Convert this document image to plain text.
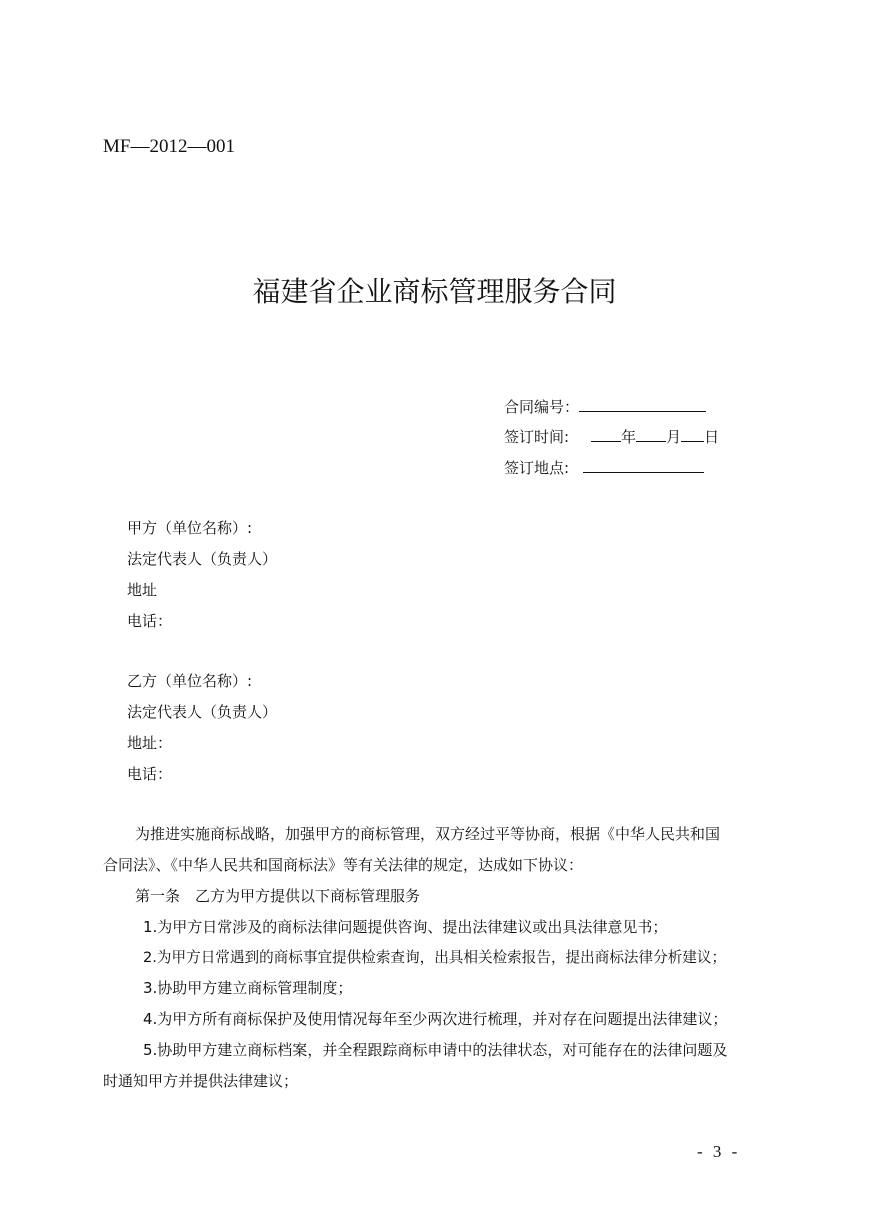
MF—2012—001
福建省企业商标管理服务合同
合同编号：
签订时间:	年 月 日
签订地点:
甲方（单位名称）:
法定代表人（负责人）
地址
电话：
乙方（单位名称）:
法定代表人（负责人）
地址：
电话：
为推进实施商标战略，加强甲方的商标管理，双方经过平等协商，根据《中华人民共和国
合同法》、《中华人民共和国商标法》等有关法律的规定，达成如下协议：
第一条　乙方为甲方提供以下商标管理服务
1.为甲方日常涉及的商标法律问题提供咨询、提出法律建议或出具法律意见书；
2.为甲方日常遇到的商标事宜提供检索查询，出具相关检索报告，提出商标法律分析建议；
3.协助甲方建立商标管理制度；
4.为甲方所有商标保护及使用情况每年至少两次进行梳理，并对存在问题提出法律建议；
5.协助甲方建立商标档案，并全程跟踪商标申请中的法律状态，对可能存在的法律问题及
时通知甲方并提供法律建议；
- 3 -
